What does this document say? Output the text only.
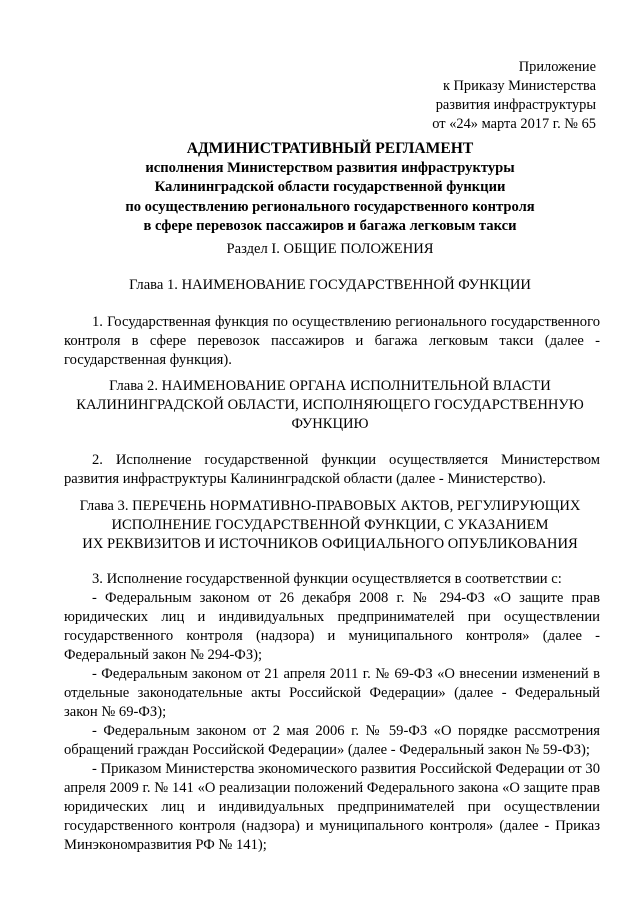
Приложение
к Приказу Министерства
развития инфраструктуры
от «24» марта 2017 г. № 65
АДМИНИСТРАТИВНЫЙ РЕГЛАМЕНТ
исполнения Министерством развития инфраструктуры
Калининградской области государственной функции
по осуществлению регионального государственного контроля
в сфере перевозок пассажиров и багажа легковым такси
Раздел I. ОБЩИЕ ПОЛОЖЕНИЯ
Глава 1. НАИМЕНОВАНИЕ ГОСУДАРСТВЕННОЙ ФУНКЦИИ

1. Государственная функция по осуществлению регионального государственного контроля в сфере перевозок пассажиров и багажа легковым такси (далее - государственная функция).

Глава 2. НАИМЕНОВАНИЕ ОРГАНА ИСПОЛНИТЕЛЬНОЙ ВЛАСТИ
КАЛИНИНГРАДСКОЙ ОБЛАСТИ, ИСПОЛНЯЮЩЕГО ГОСУДАРСТВЕННУЮ
ФУНКЦИЮ

2. Исполнение государственной функции осуществляется Министерством развития инфраструктуры Калининградской области (далее - Министерство).

Глава 3. ПЕРЕЧЕНЬ НОРМАТИВНО-ПРАВОВЫХ АКТОВ, РЕГУЛИРУЮЩИХ
ИСПОЛНЕНИЕ ГОСУДАРСТВЕННОЙ ФУНКЦИИ, С УКАЗАНИЕМ
ИХ РЕКВИЗИТОВ И ИСТОЧНИКОВ ОФИЦИАЛЬНОГО ОПУБЛИКОВАНИЯ

3. Исполнение государственной функции осуществляется в соответствии с:

- Федеральным законом от 26 декабря 2008 г. № 294-ФЗ «О защите прав юридических лиц и индивидуальных предпринимателей при осуществлении государственного контроля (надзора) и муниципального контроля» (далее - Федеральный закон № 294-ФЗ);

- Федеральным законом от 21 апреля 2011 г. № 69-ФЗ «О внесении изменений в отдельные законодательные акты Российской Федерации» (далее - Федеральный закон № 69-ФЗ);

- Федеральным законом от 2 мая 2006 г. № 59-ФЗ «О порядке рассмотрения обращений граждан Российской Федерации» (далее - Федеральный закон № 59-ФЗ);

- Приказом Министерства экономического развития Российской Федерации от 30 апреля 2009 г. № 141 «О реализации положений Федерального закона «О защите прав юридических лиц и индивидуальных предпринимателей при осуществлении государственного контроля (надзора) и муниципального контроля» (далее - Приказ Минэкономразвития РФ № 141);
